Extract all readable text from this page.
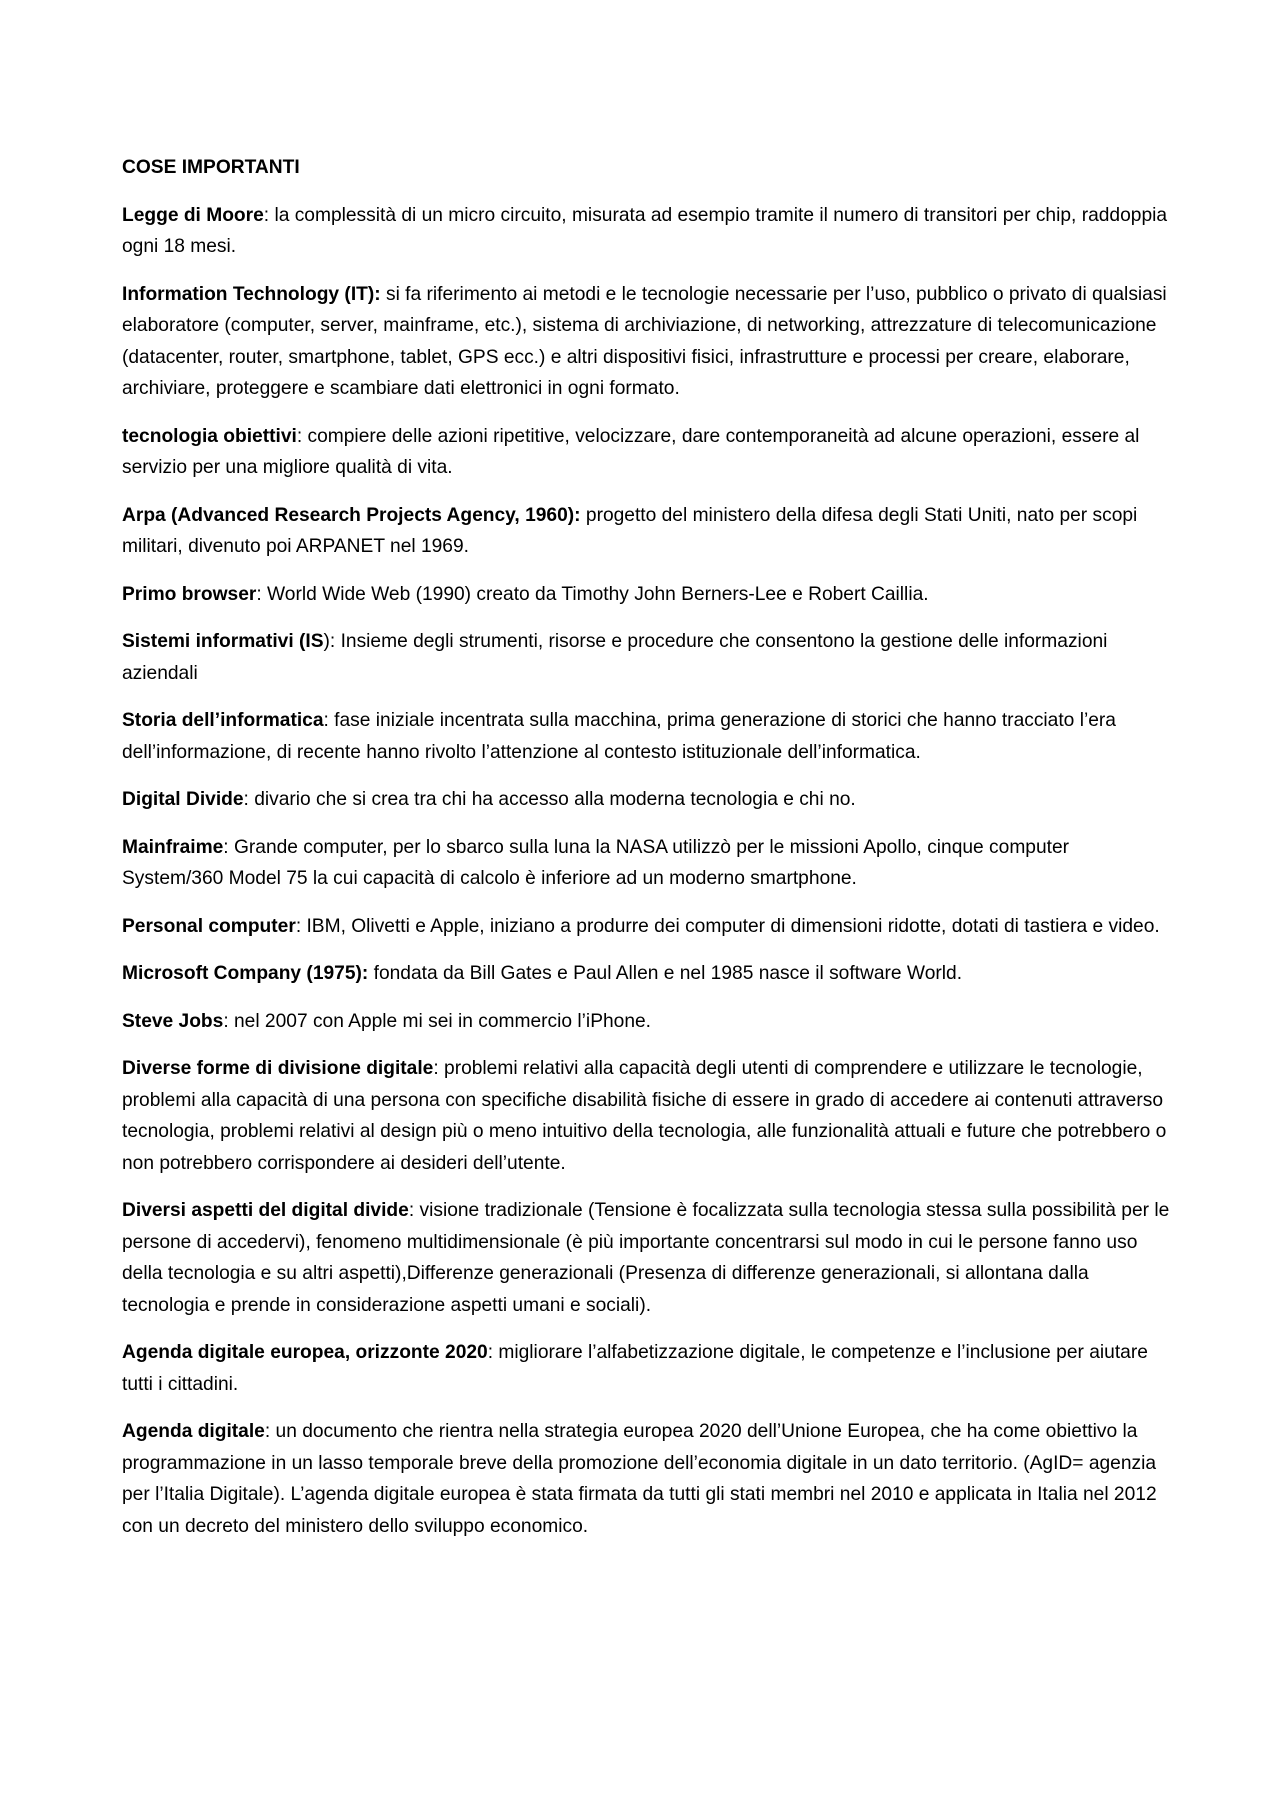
COSE IMPORTANTI

Legge di Moore: la complessità di un micro circuito, misurata ad esempio tramite il numero di transitori per chip, raddoppia ogni 18 mesi.

Information Technology (IT): si fa riferimento ai metodi e le tecnologie necessarie per l’uso, pubblico o privato di qualsiasi elaboratore (computer, server, mainframe, etc.), sistema di archiviazione, di networking, attrezzature di telecomunicazione (datacenter, router, smartphone, tablet, GPS ecc.) e altri dispositivi fisici, infrastrutture e processi per creare, elaborare, archiviare, proteggere e scambiare dati elettronici in ogni formato.

tecnologia obiettivi: compiere delle azioni ripetitive, velocizzare, dare contemporaneità ad alcune operazioni, essere al servizio per una migliore qualità di vita.

Arpa (Advanced Research Projects Agency, 1960): progetto del ministero della difesa degli Stati Uniti, nato per scopi militari, divenuto poi ARPANET nel 1969.

Primo browser: World Wide Web (1990) creato da Timothy John Berners-Lee e Robert Caillia.

Sistemi informativi (IS): Insieme degli strumenti, risorse e procedure che consentono la gestione delle informazioni aziendali

Storia dell’informatica: fase iniziale incentrata sulla macchina, prima generazione di storici che hanno tracciato l’era dell’informazione, di recente hanno rivolto l’attenzione al contesto istituzionale dell’informatica.

Digital Divide: divario che si crea tra chi ha accesso alla moderna tecnologia e chi no.

Mainfraime: Grande computer, per lo sbarco sulla luna la NASA utilizzò per le missioni Apollo, cinque computer System/360 Model 75 la cui capacità di calcolo è inferiore ad un moderno smartphone.

Personal computer: IBM, Olivetti e Apple, iniziano a produrre dei computer di dimensioni ridotte, dotati di tastiera e video.

Microsoft Company (1975): fondata da Bill Gates e Paul Allen e nel 1985 nasce il software World.

Steve Jobs: nel 2007 con Apple mi sei in commercio l’iPhone.

Diverse forme di divisione digitale: problemi relativi alla capacità degli utenti di comprendere e utilizzare le tecnologie, problemi alla capacità di una persona con specifiche disabilità fisiche di essere in grado di accedere ai contenuti attraverso tecnologia, problemi relativi al design più o meno intuitivo della tecnologia, alle funzionalità attuali e future che potrebbero o non potrebbero corrispondere ai desideri dell’utente.

Diversi aspetti del digital divide: visione tradizionale (Tensione è focalizzata sulla tecnologia stessa sulla possibilità per le persone di accedervi), fenomeno multidimensionale (è più importante concentrarsi sul modo in cui le persone fanno uso della tecnologia e su altri aspetti),Differenze generazionali (Presenza di differenze generazionali, si allontana dalla tecnologia e prende in considerazione aspetti umani e sociali).

Agenda digitale europea, orizzonte 2020: migliorare l’alfabetizzazione digitale, le competenze e l’inclusione per aiutare tutti i cittadini.

Agenda digitale: un documento che rientra nella strategia europea 2020 dell’Unione Europea, che ha come obiettivo la programmazione in un lasso temporale breve della promozione dell’economia digitale in un dato territorio. (AgID= agenzia per l’Italia Digitale). L’agenda digitale europea è stata firmata da tutti gli stati membri nel 2010 e applicata in Italia nel 2012 con un decreto del ministero dello sviluppo economico.
